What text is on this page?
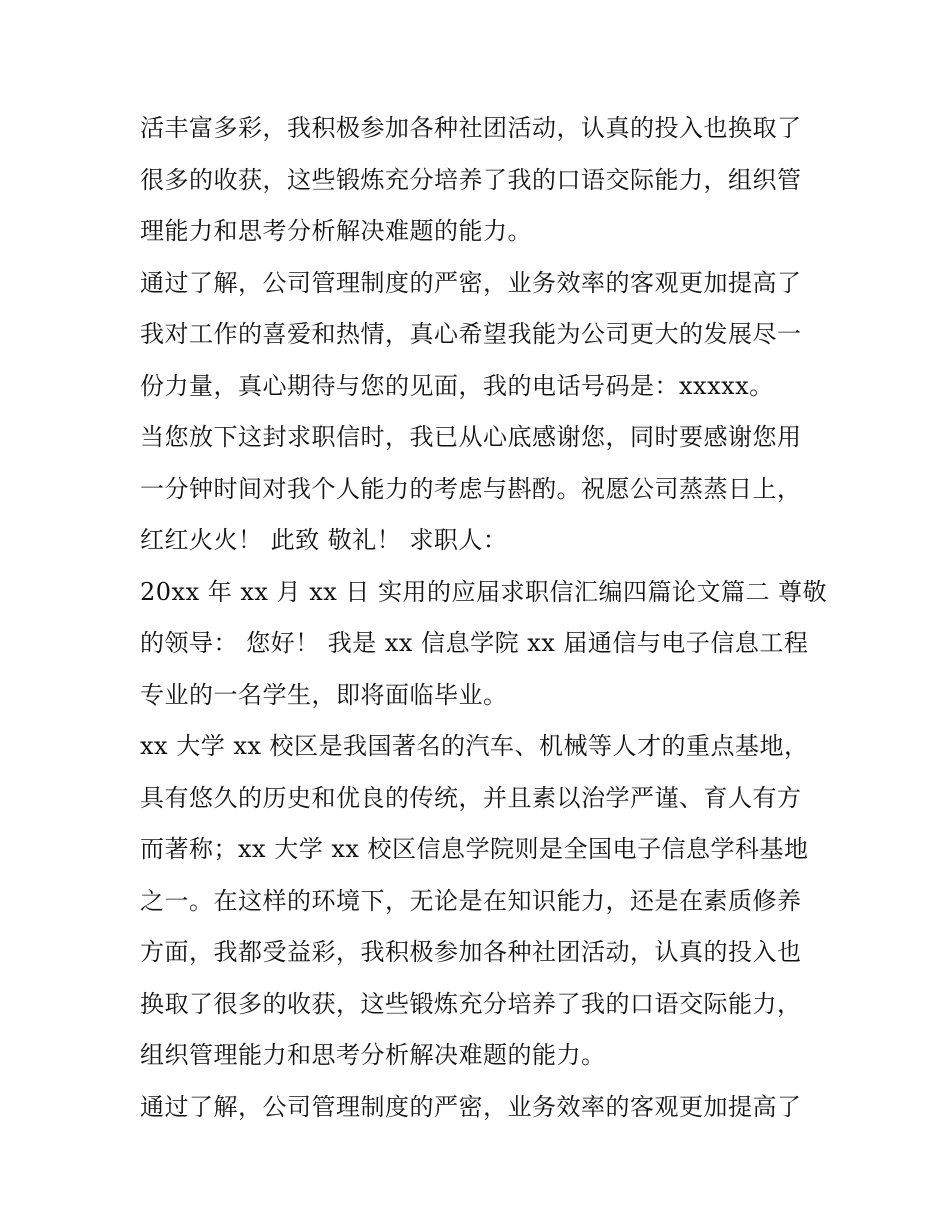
活丰富多彩，我积极参加各种社团活动，认真的投入也换取了
很多的收获，这些锻炼充分培养了我的口语交际能力，组织管
理能力和思考分析解决难题的能力。
通过了解，公司管理制度的严密，业务效率的客观更加提高了
我对工作的喜爱和热情，真心希望我能为公司更大的发展尽一
份力量，真心期待与您的见面，我的电话号码是：xxxxx。
当您放下这封求职信时，我已从心底感谢您，同时要感谢您用
一分钟时间对我个人能力的考虑与斟酌。祝愿公司蒸蒸日上，
红红火火！ 此致 敬礼！ 求职人：
20xx 年 xx 月 xx 日 实用的应届求职信汇编四篇论文篇二 尊敬
的领导： 您好！ 我是 xx 信息学院 xx 届通信与电子信息工程
专业的一名学生，即将面临毕业。
xx 大学 xx 校区是我国著名的汽车、机械等人才的重点基地，
具有悠久的历史和优良的传统，并且素以治学严谨、育人有方
而著称；xx 大学 xx 校区信息学院则是全国电子信息学科基地
之一。在这样的环境下，无论是在知识能力，还是在素质修养
方面，我都受益彩，我积极参加各种社团活动，认真的投入也
换取了很多的收获，这些锻炼充分培养了我的口语交际能力，
组织管理能力和思考分析解决难题的能力。
通过了解，公司管理制度的严密，业务效率的客观更加提高了
